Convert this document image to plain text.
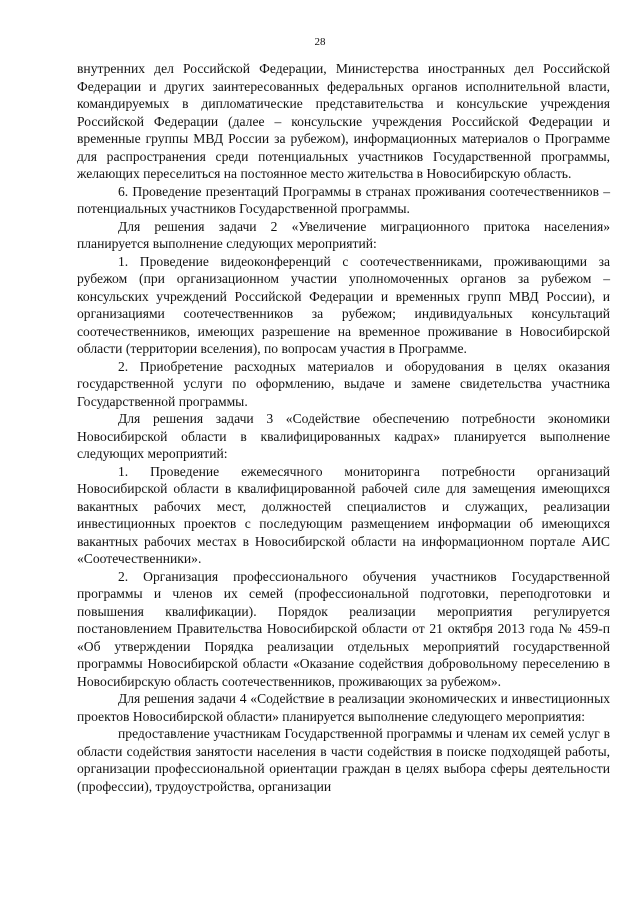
28

внутренних дел Российской Федерации, Министерства иностранных дел Российской Федерации и других заинтересованных федеральных органов исполнительной власти, командируемых в дипломатические представительства и консульские учреждения Российской Федерации (далее – консульские учреждения Российской Федерации и временные группы МВД России за рубежом), информационных материалов о Программе для распространения среди потенциальных участников Государственной программы, желающих переселиться на постоянное место жительства в Новосибирскую область.

6. Проведение презентаций Программы в странах проживания соотечественников – потенциальных участников Государственной программы.

Для решения задачи 2 «Увеличение миграционного притока населения» планируется выполнение следующих мероприятий:

1. Проведение видеоконференций с соотечественниками, проживающими за рубежом (при организационном участии уполномоченных органов за рубежом – консульских учреждений Российской Федерации и временных групп МВД России), и организациями соотечественников за рубежом; индивидуальных консультаций соотечественников, имеющих разрешение на временное проживание в Новосибирской области (территории вселения), по вопросам участия в Программе.

2. Приобретение расходных материалов и оборудования в целях оказания государственной услуги по оформлению, выдаче и замене свидетельства участника Государственной программы.

Для решения задачи 3 «Содействие обеспечению потребности экономики Новосибирской области в квалифицированных кадрах» планируется выполнение следующих мероприятий:

1. Проведение ежемесячного мониторинга потребности организаций Новосибирской области в квалифицированной рабочей силе для замещения имеющихся вакантных рабочих мест, должностей специалистов и служащих, реализации инвестиционных проектов с последующим размещением информации об имеющихся вакантных рабочих местах в Новосибирской области на информационном портале АИС «Соотечественники».

2. Организация профессионального обучения участников Государственной программы и членов их семей (профессиональной подготовки, переподготовки и повышения квалификации). Порядок реализации мероприятия регулируется постановлением Правительства Новосибирской области от 21 октября 2013 года № 459-п «Об утверждении Порядка реализации отдельных мероприятий государственной программы Новосибирской области «Оказание содействия добровольному переселению в Новосибирскую область соотечественников, проживающих за рубежом».

Для решения задачи 4 «Содействие в реализации экономических и инвестиционных проектов Новосибирской области» планируется выполнение следующего мероприятия:

предоставление участникам Государственной программы и членам их семей услуг в области содействия занятости населения в части содействия в поиске подходящей работы, организации профессиональной ориентации граждан в целях выбора сферы деятельности (профессии), трудоустройства, организации
